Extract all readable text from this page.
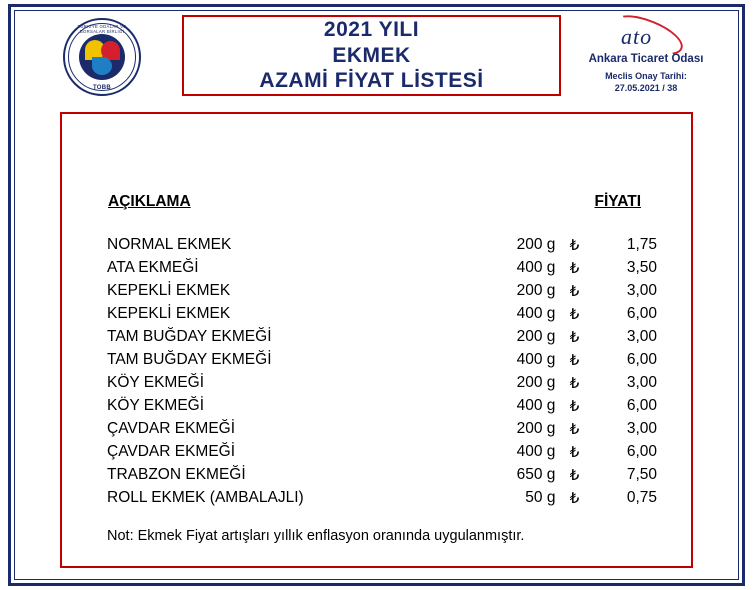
TÜRKİYE ODALAR VE BORSALAR BİRLİĞİ
TOBB
2021 YILI
EKMEK
AZAMİ FİYAT LİSTESİ
ato
Ankara Ticaret Odası
Meclis Onay Tarihi:
27.05.2021 / 38
AÇIKLAMA			FİYATI
NORMAL EKMEK	200 g	₺	1,75
ATA EKMEĞİ	400 g	₺	3,50
KEPEKLİ EKMEK	200 g	₺	3,00
KEPEKLİ EKMEK	400 g	₺	6,00
TAM BUĞDAY EKMEĞİ	200 g	₺	3,00
TAM BUĞDAY EKMEĞİ	400 g	₺	6,00
KÖY EKMEĞİ	200 g	₺	3,00
KÖY EKMEĞİ	400 g	₺	6,00
ÇAVDAR EKMEĞİ	200 g	₺	3,00
ÇAVDAR EKMEĞİ	400 g	₺	6,00
TRABZON EKMEĞİ	650 g	₺	7,50
ROLL EKMEK (AMBALAJLI)	50 g	₺	0,75
Not: Ekmek Fiyat artışları yıllık enflasyon oranında uygulanmıştır.
